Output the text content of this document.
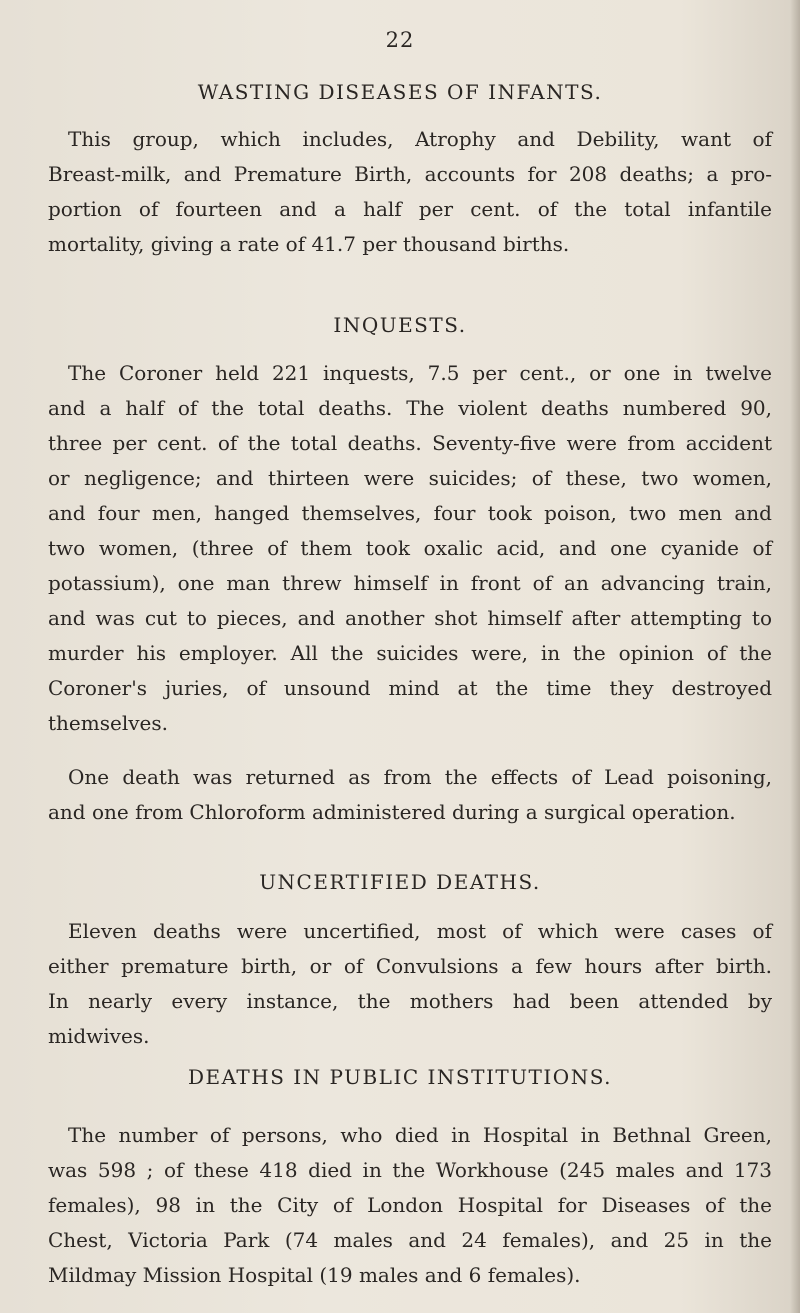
22
WASTING DISEASES OF INFANTS.
This group, which includes, Atrophy and Debility, want of
Breast-milk, and Premature Birth, accounts for 208 deaths; a pro-
portion of fourteen and a half per cent. of the total infantile
mortality, giving a rate of 41.7 per thousand births.
INQUESTS.
The Coroner held 221 inquests, 7.5 per cent., or one in twelve
and a half of the total deaths. The violent deaths numbered 90,
three per cent. of the total deaths. Seventy-five were from accident
or negligence; and thirteen were suicides; of these, two women,
and four men, hanged themselves, four took poison, two men and
two women, (three of them took oxalic acid, and one cyanide of
potassium), one man threw himself in front of an advancing train,
and was cut to pieces, and another shot himself after attempting to
murder his employer. All the suicides were, in the opinion of the
Coroner's juries, of unsound mind at the time they destroyed
themselves.
One death was returned as from the effects of Lead poisoning,
and one from Chloroform administered during a surgical operation.
UNCERTIFIED DEATHS.
Eleven deaths were uncertified, most of which were cases of
either premature birth, or of Convulsions a few hours after birth.
In nearly every instance, the mothers had been attended by
midwives.
DEATHS IN PUBLIC INSTITUTIONS.
The number of persons, who died in Hospital in Bethnal Green,
was 598 ; of these 418 died in the Workhouse (245 males and 173
females), 98 in the City of London Hospital for Diseases of the
Chest, Victoria Park (74 males and 24 females), and 25 in the
Mildmay Mission Hospital (19 males and 6 females).
